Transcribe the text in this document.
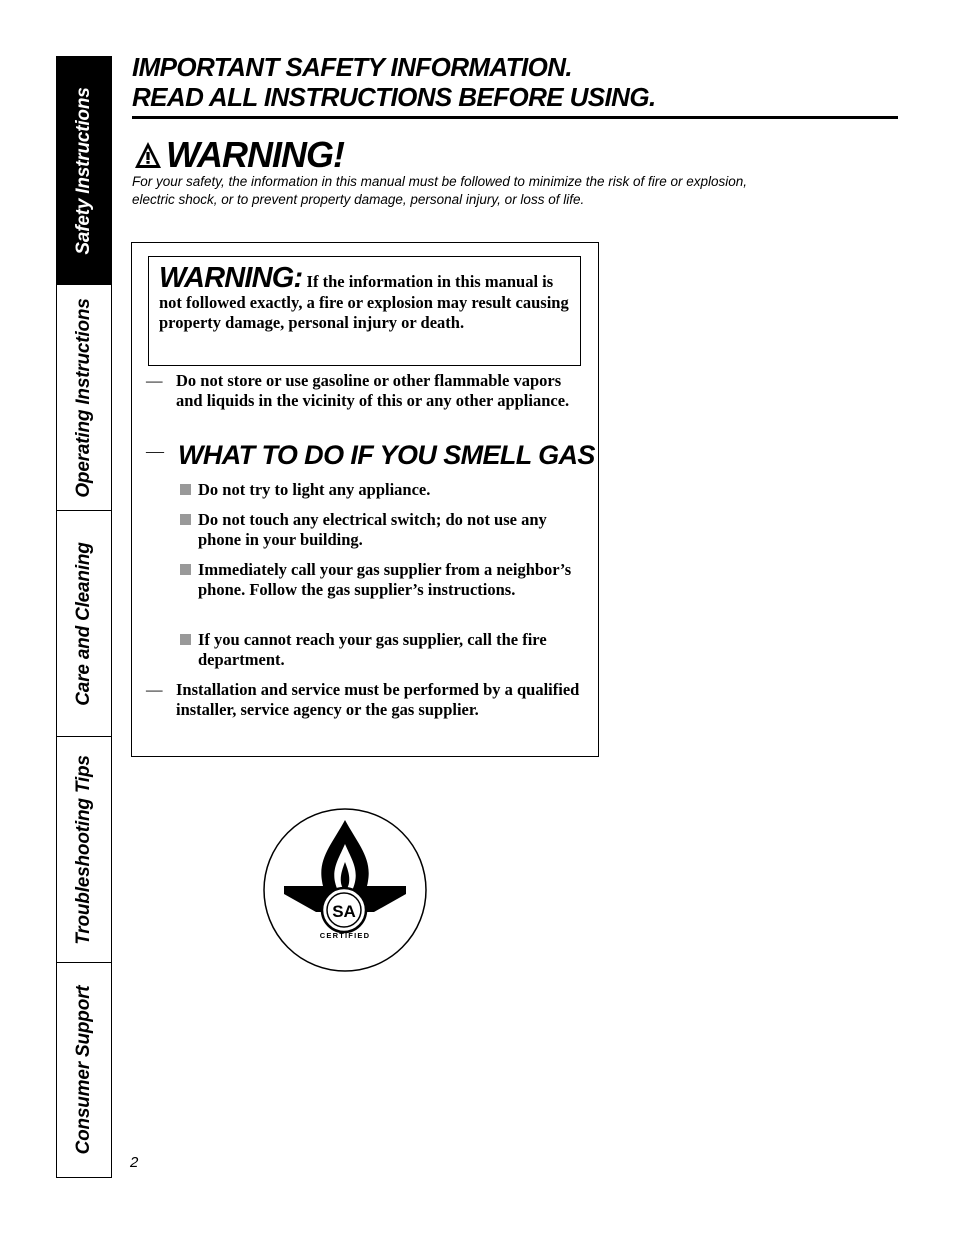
Safety Instructions
Operating Instructions
Care and Cleaning
Troubleshooting Tips
Consumer Support
IMPORTANT SAFETY INFORMATION.
READ ALL INSTRUCTIONS BEFORE USING.
WARNING!

For your safety, the information in this manual must be followed to minimize the risk of fire or explosion, electric shock, or to prevent property damage, personal injury, or loss of life.

WARNING: If the information in this manual is not followed exactly, a fire or explosion may result causing property damage, personal injury or death.
— Do not store or use gasoline or other flammable vapors and liquids in the vicinity of this or any other appliance.
— WHAT TO DO IF YOU SMELL GAS
Do not try to light any appliance.
Do not touch any electrical switch; do not use any phone in your building.
Immediately call your gas supplier from a neighbor’s phone. Follow the gas supplier’s instructions.
If you cannot reach your gas supplier, call the fire department.
— Installation and service must be performed by a qualified installer, service agency or the gas supplier.
SA
CERTIFIED
2
